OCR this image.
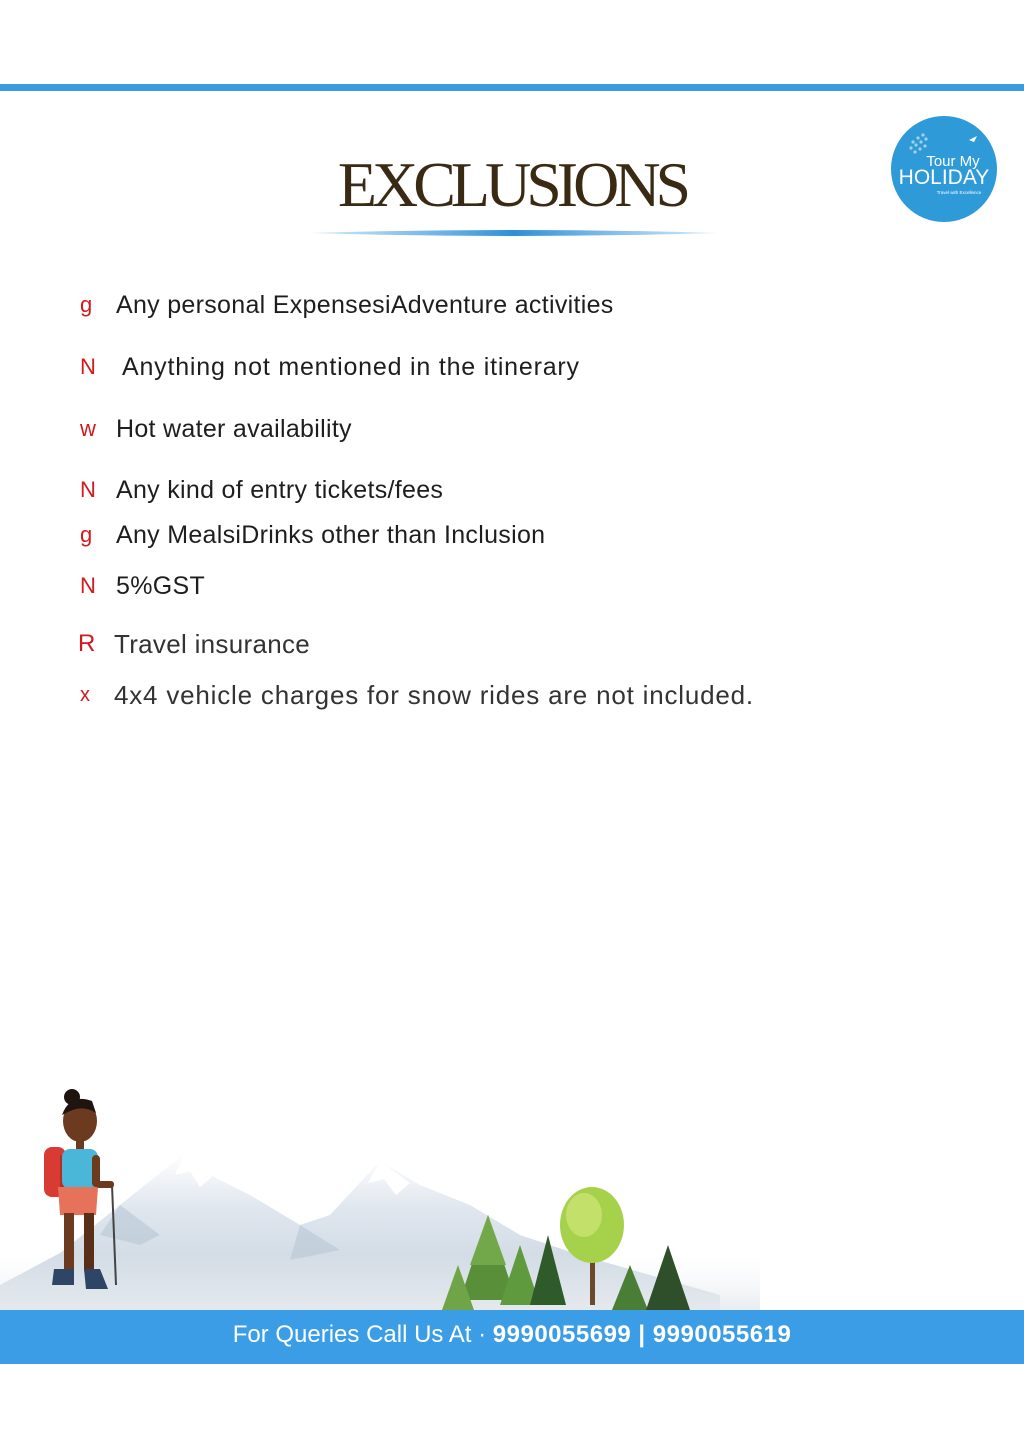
EXCLUSIONS	Tour My
HOLIDAY
Travel with Excellence
g Any personal ExpensesiAdventure activities
N	Anything not mentioned in the itinerary
w Hot water availability
N Any kind of entry tickets/fees
g Any MealsiDrinks other than Inclusion
N 5%GST
R Travel insurance
x 4x4 vehicle charges for snow rides are not included.
For Queries Call Us At · 9990055699 | 9990055619
